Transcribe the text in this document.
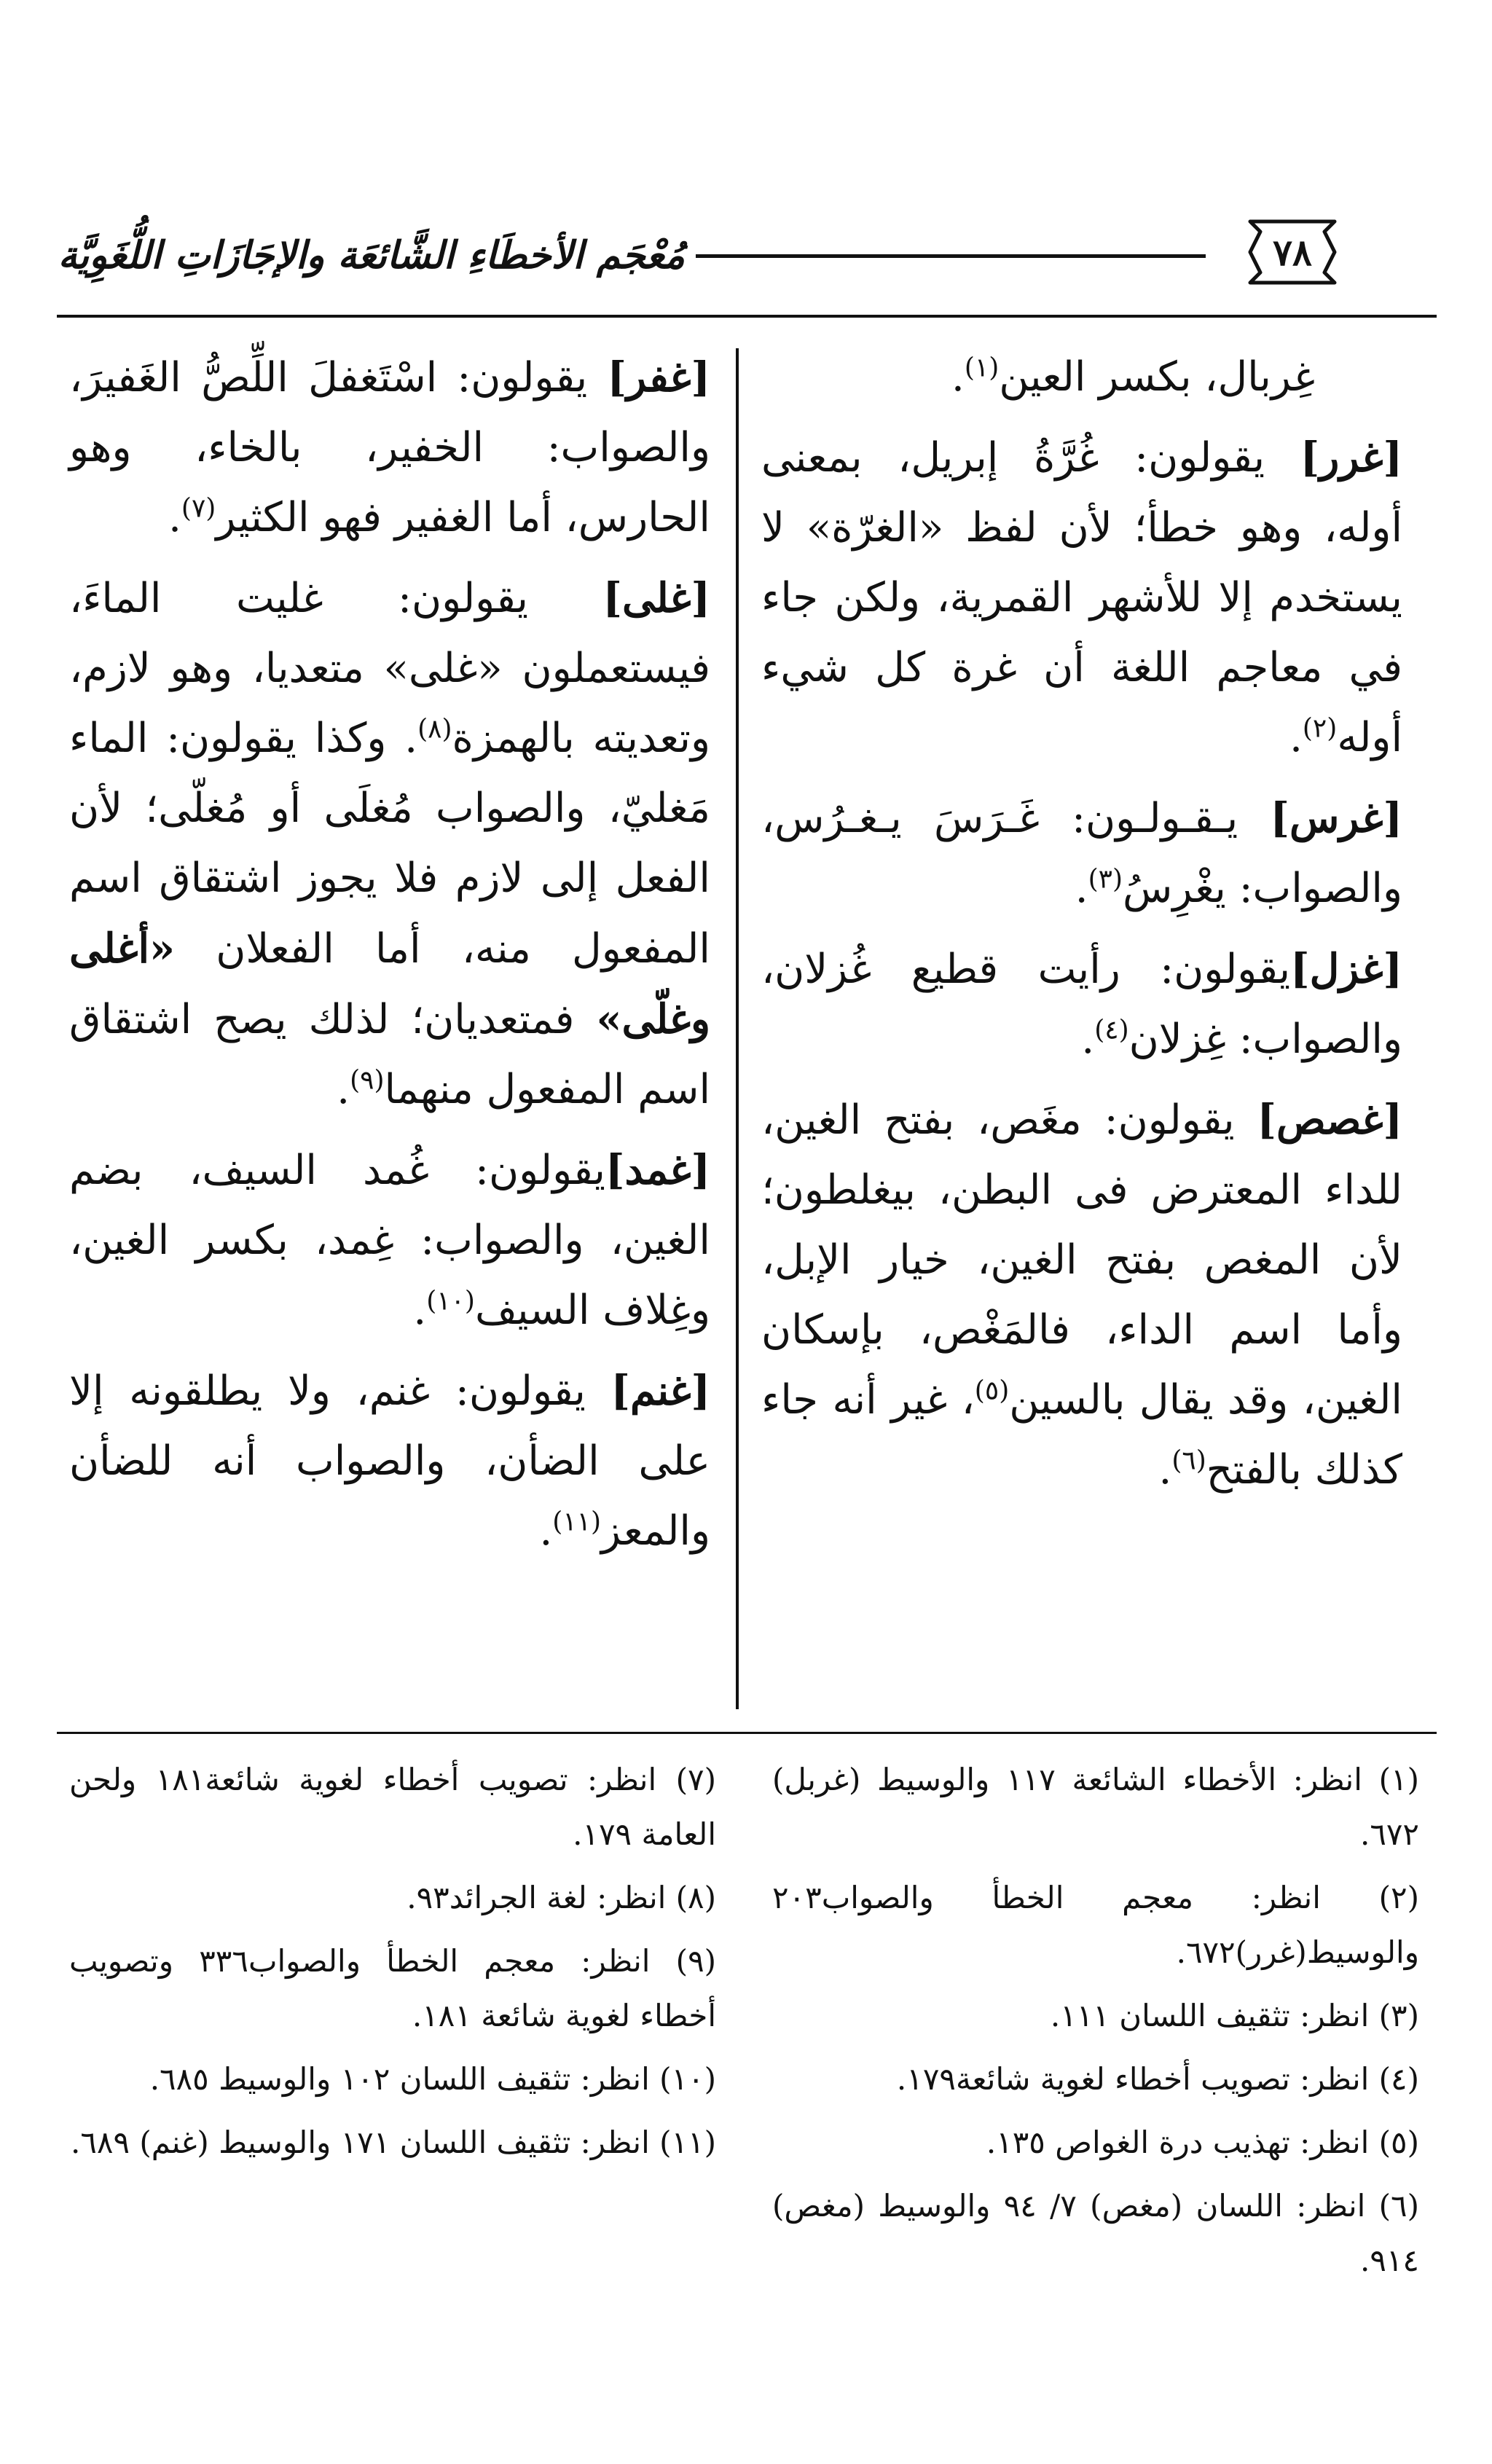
٧٨
مُعْجَم الأخطَاءِ الشَّائعَة والإجَازَاتِ اللُّغَوِيَّة

غِربال، بكسر العين$^{(١)}$.

[غرر] يقولون: غُرَّةُ إبريل، بمعنى أوله، وهو خطأ؛ لأن لفظ «الغرّة» لا يستخدم إلا للأشهر القمرية، ولكن جاء في معاجم اللغة أن غرة كل شيء أوله$^{(٢)}$.

[غرس] يـقـولـون: غَـرَسَ يـغـرُس، والصواب: يغْرِسُ$^{(٣)}$.

[غزل]يقولون: رأيت قطيع غُزلان، والصواب: غِزلان$^{(٤)}$.

[غصص] يقولون: مغَص، بفتح الغين، للداء المعترض فى البطن، بيغلطون؛ لأن المغص بفتح الغين، خيار الإبل، وأما اسم الداء، فالمَغْص، بإسكان الغين، وقد يقال بالسين$^{(٥)}$، غير أنه جاء كذلك بالفتح$^{(٦)}$.

[غفر] يقولون: اسْتَغفلَ اللِّصُّ الغَفيرَ، والصواب: الخفير، بالخاء، وهو الحارس، أما الغفير فهو الكثير$^{(٧)}$.

[غلى] يقولون: غليت الماءَ، فيستعملون «غلى» متعديا، وهو لازم، وتعديته بالهمزة$^{(٨)}$. وكذا يقولون: الماء مَغليّ، والصواب مُغلَى أو مُغلّى؛ لأن الفعل إلى لازم فلا يجوز اشتقاق اسم المفعول منه، أما الفعلان «أغلى وغلّى» فمتعديان؛ لذلك يصح اشتقاق اسم المفعول منهما$^{(٩)}$.

[غمد]يقولون: غُمد السيف، بضم الغين، والصواب: غِمد، بكسر الغين، وغِلاف السيف$^{(١٠)}$.

[غنم] يقولون: غنم، ولا يطلقونه إلا على الضأن، والصواب أنه للضأن والمعز$^{(١١)}$.

(١) انظر: الأخطاء الشائعة ١١٧ والوسيط (غربل) ٦٧٢.

(٢) انظر: معجم الخطأ والصواب٢٠٣ والوسيط(غرر)٦٧٢.

(٣) انظر: تثقيف اللسان ١١١.

(٤) انظر: تصويب أخطاء لغوية شائعة١٧٩.

(٥) انظر: تهذيب درة الغواص ١٣٥.

(٦) انظر: اللسان (مغص) ٧/ ٩٤ والوسيط (مغص) ٩١٤.

(٧) انظر: تصويب أخطاء لغوية شائعة١٨١ ولحن العامة ١٧٩.

(٨) انظر: لغة الجرائد٩٣.

(٩) انظر: معجم الخطأ والصواب٣٣٦ وتصويب أخطاء لغوية شائعة ١٨١.

(١٠) انظر: تثقيف اللسان ١٠٢ والوسيط ٦٨٥.

(١١) انظر: تثقيف اللسان ١٧١ والوسيط (غنم) ٦٨٩.
